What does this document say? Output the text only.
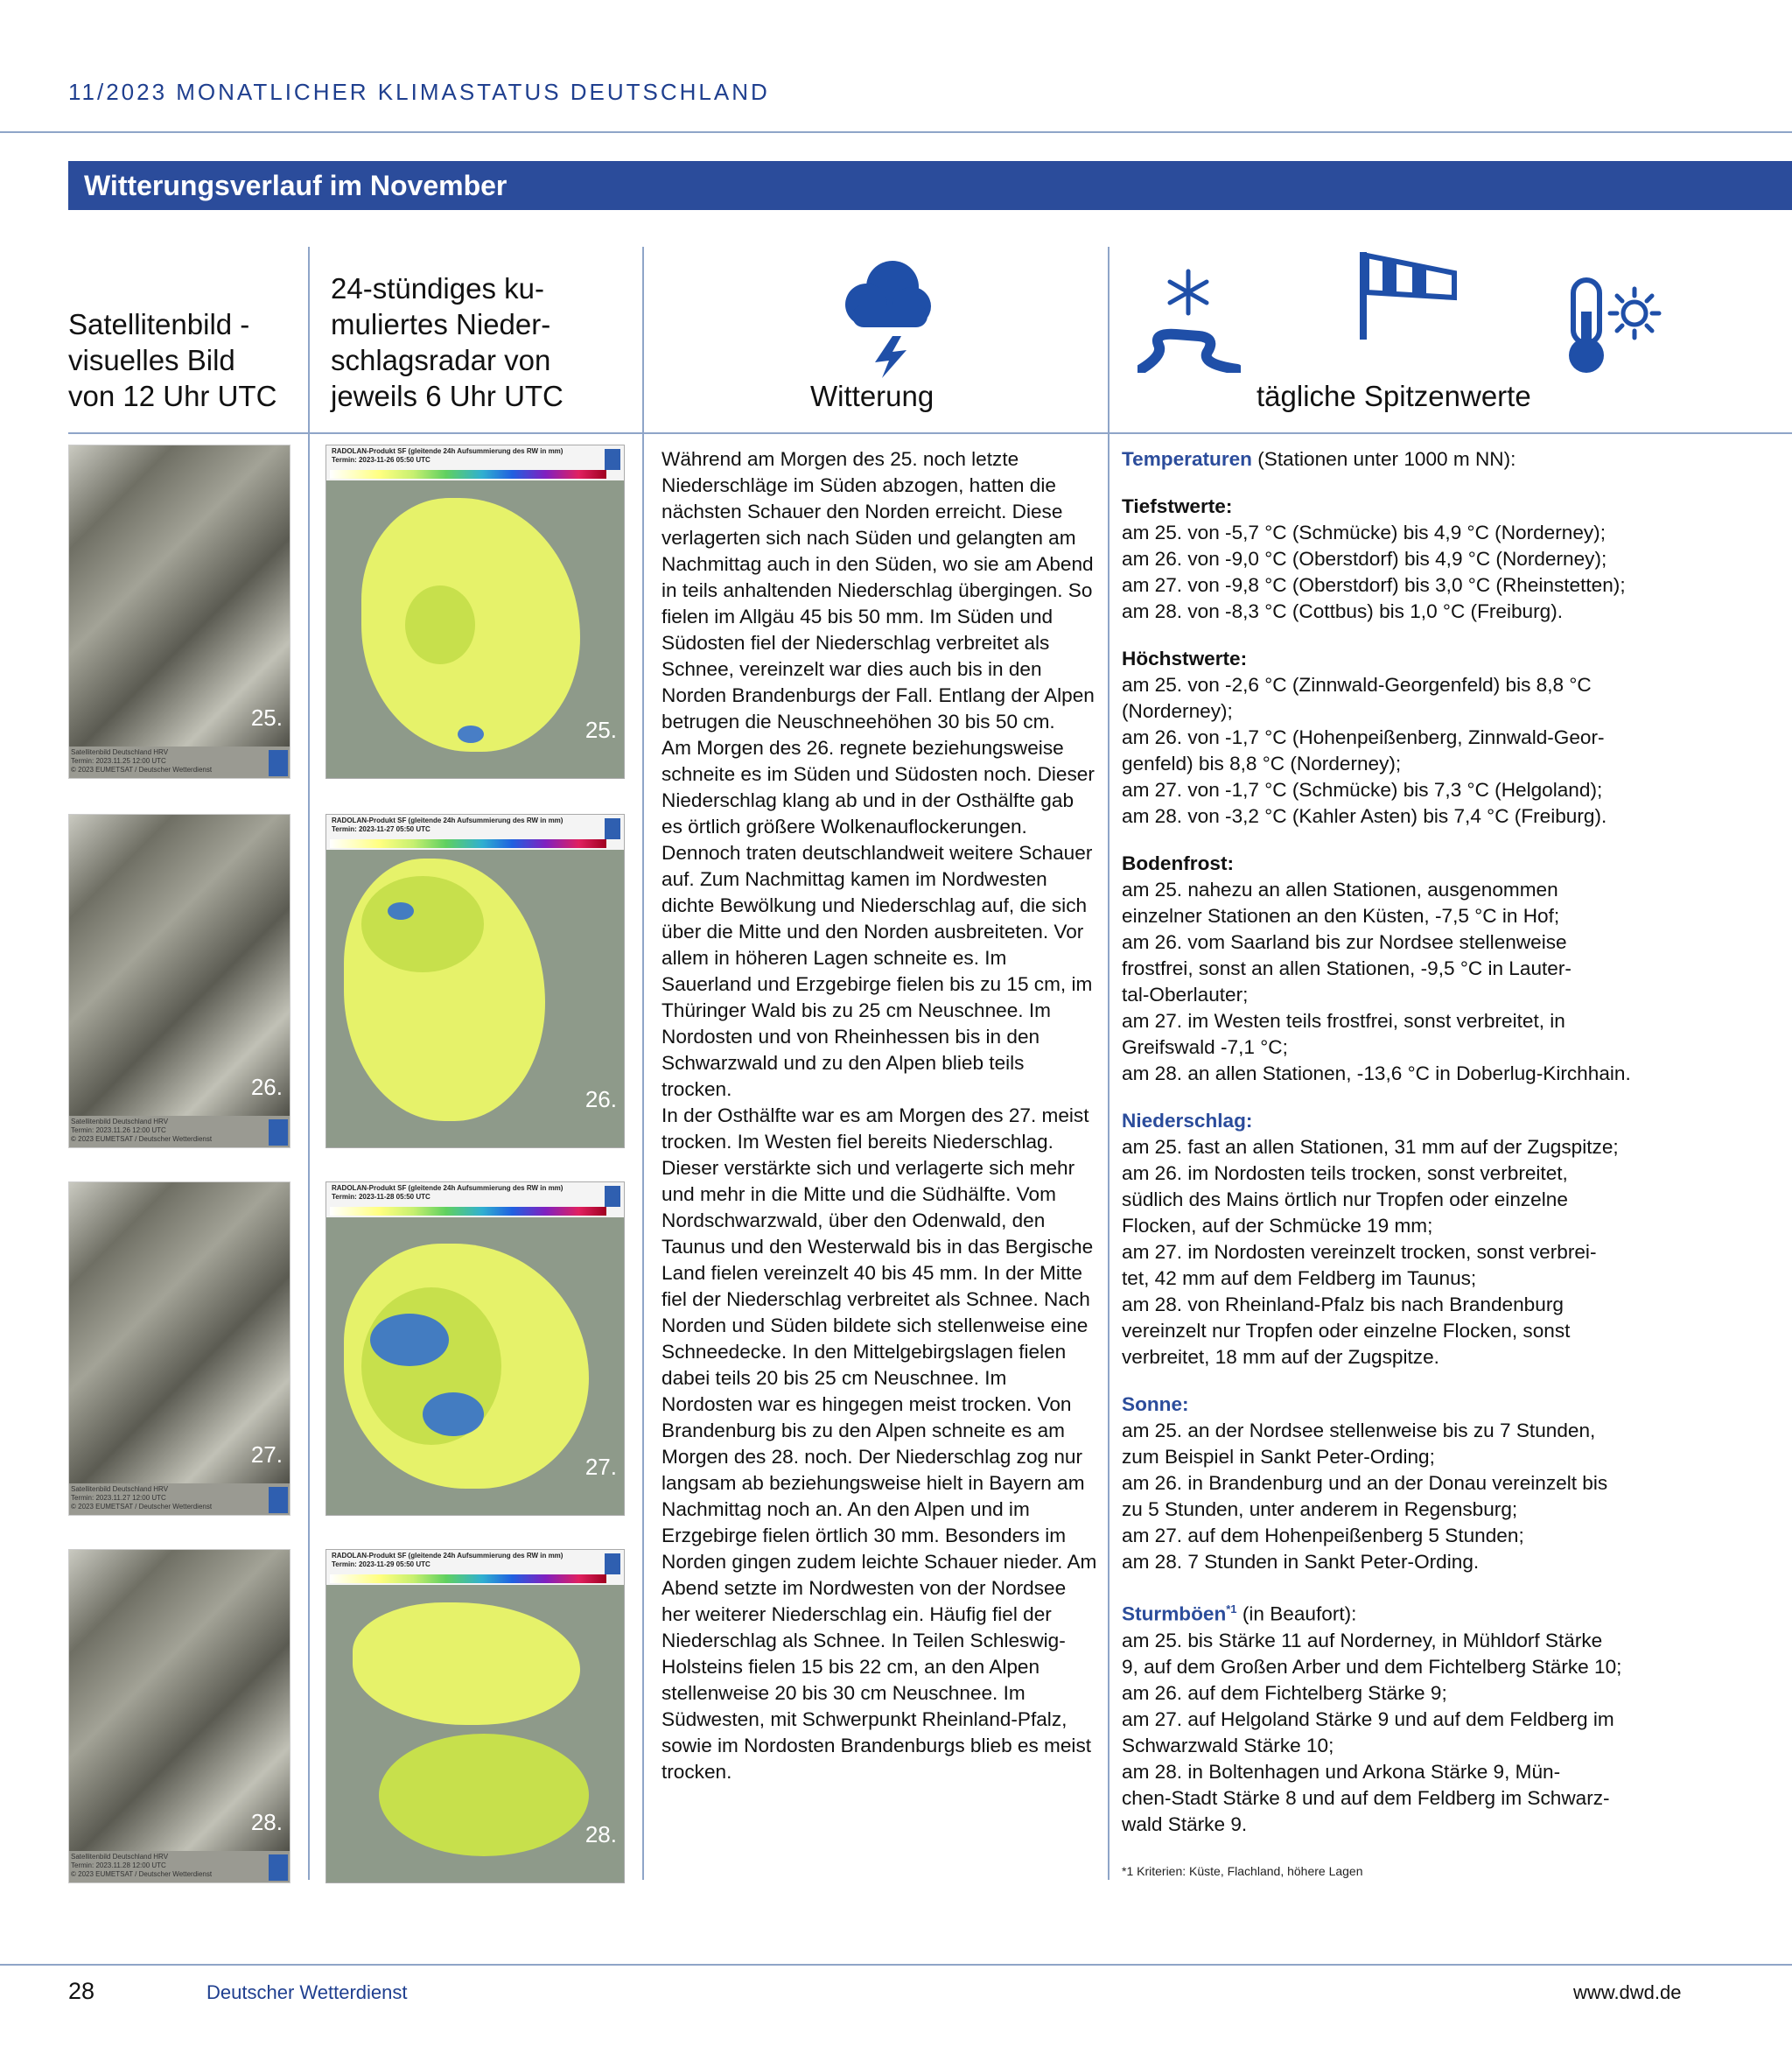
11/2023 MONATLICHER KLIMASTATUS DEUTSCHLAND
Witterungsverlauf im November
Satellitenbild -
visuelles Bild
von 12 Uhr UTC
24-stündiges ku-
muliertes Nieder-
schlagsradar von
jeweils 6 Uhr UTC	Witterung	tägliche Spitzenwerte
25.
Satellitenbild Deutschland HRV
Termin: 2023.11.25 12:00 UTC
© 2023 EUMETSAT / Deutscher Wetterdienst
26.
Satellitenbild Deutschland HRV
Termin: 2023.11.26 12:00 UTC
© 2023 EUMETSAT / Deutscher Wetterdienst
27.
Satellitenbild Deutschland HRV
Termin: 2023.11.27 12:00 UTC
© 2023 EUMETSAT / Deutscher Wetterdienst
28.
Satellitenbild Deutschland HRV
Termin: 2023.11.28 12:00 UTC
© 2023 EUMETSAT / Deutscher Wetterdienst
RADOLAN-Produkt SF (gleitende 24h Aufsummierung des RW in mm)
Termin: 2023-11-26 05:50 UTC
25.
RADOLAN-Produkt SF (gleitende 24h Aufsummierung des RW in mm)
Termin: 2023-11-27 05:50 UTC
26.
RADOLAN-Produkt SF (gleitende 24h Aufsummierung des RW in mm)
Termin: 2023-11-28 05:50 UTC
27.
RADOLAN-Produkt SF (gleitende 24h Aufsummierung des RW in mm)
Termin: 2023-11-29 05:50 UTC
28.
Während am Morgen des 25. noch letzte Niederschläge im Süden abzogen, hatten die nächsten Schauer den Norden erreicht. Diese verlagerten sich nach Süden und gelangten am Nachmittag auch in den Süden, wo sie am Abend in teils anhaltenden Niederschlag übergingen. So fielen im Allgäu 45 bis 50 mm. Im Süden und Südosten fiel der Niederschlag verbreitet als Schnee, vereinzelt war dies auch bis in den Norden Brandenburgs der Fall. Entlang der Alpen betrugen die Neuschneehöhen 30 bis 50 cm.
Am Morgen des 26. regnete beziehungsweise schneite es im Süden und Südosten noch. Dieser Niederschlag klang ab und in der Osthälfte gab es örtlich größere Wolkenauflockerungen. Dennoch traten deutschlandweit weitere Schauer auf. Zum Nachmittag kamen im Nordwesten dichte Bewölkung und Niederschlag auf, die sich über die Mitte und den Norden ausbreiteten. Vor allem in höheren Lagen schneite es. Im Sauerland und Erzgebirge fielen bis zu 15 cm, im Thüringer Wald bis zu 25 cm Neuschnee. Im Nordosten und von Rheinhessen bis in den Schwarzwald und zu den Alpen blieb teils trocken.
In der Osthälfte war es am Morgen des 27. meist trocken. Im Westen fiel bereits Niederschlag. Dieser verstärkte sich und verlagerte sich mehr und mehr in die Mitte und die Südhälfte. Vom Nordschwarzwald, über den Odenwald, den Taunus und den Westerwald bis in das Bergische Land fielen vereinzelt 40 bis 45 mm. In der Mitte fiel der Niederschlag verbreitet als Schnee. Nach Norden und Süden bildete sich stellenweise eine Schneedecke. In den Mittelgebirgslagen fielen dabei teils 20 bis 25 cm Neuschnee. Im Nordosten war es hingegen meist trocken. Von Brandenburg bis zu den Alpen schneite es am Morgen des 28. noch. Der Niederschlag zog nur langsam ab beziehungsweise hielt in Bayern am Nachmittag noch an. An den Alpen und im Erzgebirge fielen örtlich 30 mm. Besonders im Norden gingen zudem leichte Schauer nieder. Am Abend setzte im Nordwesten von der Nordsee her weiterer Niederschlag ein. Häufig fiel der Niederschlag als Schnee. In Teilen Schleswig-Holsteins fielen 15 bis 22 cm, an den Alpen stellenweise 20 bis 30 cm Neuschnee. Im Südwesten, mit Schwerpunkt Rheinland-Pfalz, sowie im Nordosten Brandenburgs blieb es meist trocken.
Temperaturen (Stationen unter 1000 m NN):
Tiefstwerte:
am 25. von -5,7 °C (Schmücke) bis 4,9 °C (Norderney);
am 26. von -9,0 °C (Oberstdorf) bis 4,9 °C (Norderney);
am 27. von -9,8 °C (Oberstdorf) bis 3,0 °C (Rheinstetten);
am 28. von -8,3 °C (Cottbus) bis 1,0 °C (Freiburg).
Höchstwerte:
am 25. von -2,6 °C (Zinnwald-Georgenfeld) bis 8,8 °C
(Norderney);
am 26. von -1,7 °C (Hohenpeißenberg, Zinnwald-Geor-
genfeld) bis 8,8 °C (Norderney);
am 27. von -1,7 °C (Schmücke) bis 7,3 °C (Helgoland);
am 28. von -3,2 °C (Kahler Asten) bis 7,4 °C (Freiburg).
Bodenfrost:
am 25. nahezu an allen Stationen, ausgenommen
einzelner Stationen an den Küsten, -7,5 °C in Hof;
am 26. vom Saarland bis zur Nordsee stellenweise
frostfrei, sonst an allen Stationen, -9,5 °C in Lauter-
tal-Oberlauter;
am 27. im Westen teils frostfrei, sonst verbreitet, in
Greifswald -7,1 °C;
am 28. an allen Stationen, -13,6 °C in Doberlug-Kirchhain.
Niederschlag:
am 25. fast an allen Stationen, 31 mm auf der Zugspitze;
am 26. im Nordosten teils trocken, sonst verbreitet,
südlich des Mains örtlich nur Tropfen oder einzelne
Flocken, auf der Schmücke 19 mm;
am 27. im Nordosten vereinzelt trocken, sonst verbrei-
tet, 42 mm auf dem Feldberg im Taunus;
am 28. von Rheinland-Pfalz bis nach Brandenburg
vereinzelt nur Tropfen oder einzelne Flocken, sonst
verbreitet, 18 mm auf der Zugspitze.
Sonne:
am 25. an der Nordsee stellenweise bis zu 7 Stunden,
zum Beispiel in Sankt Peter-Ording;
am 26. in Brandenburg und an der Donau vereinzelt bis
zu 5 Stunden, unter anderem in Regensburg;
am 27. auf dem Hohenpeißenberg 5 Stunden;
am 28. 7 Stunden in Sankt Peter-Ording.
Sturmböen$^{*1}$ (in Beaufort):
am 25. bis Stärke 11 auf Norderney, in Mühldorf Stärke
9, auf dem Großen Arber und dem Fichtelberg Stärke 10;
am 26. auf dem Fichtelberg Stärke 9;
am 27. auf Helgoland Stärke 9 und auf dem Feldberg im
Schwarzwald Stärke 10;
am 28. in Boltenhagen und Arkona Stärke 9, Mün-
chen-Stadt Stärke 8 und auf dem Feldberg im Schwarz-
wald Stärke 9.
*1 Kriterien: Küste, Flachland, höhere Lagen
28	Deutscher Wetterdienst	www.dwd.de
